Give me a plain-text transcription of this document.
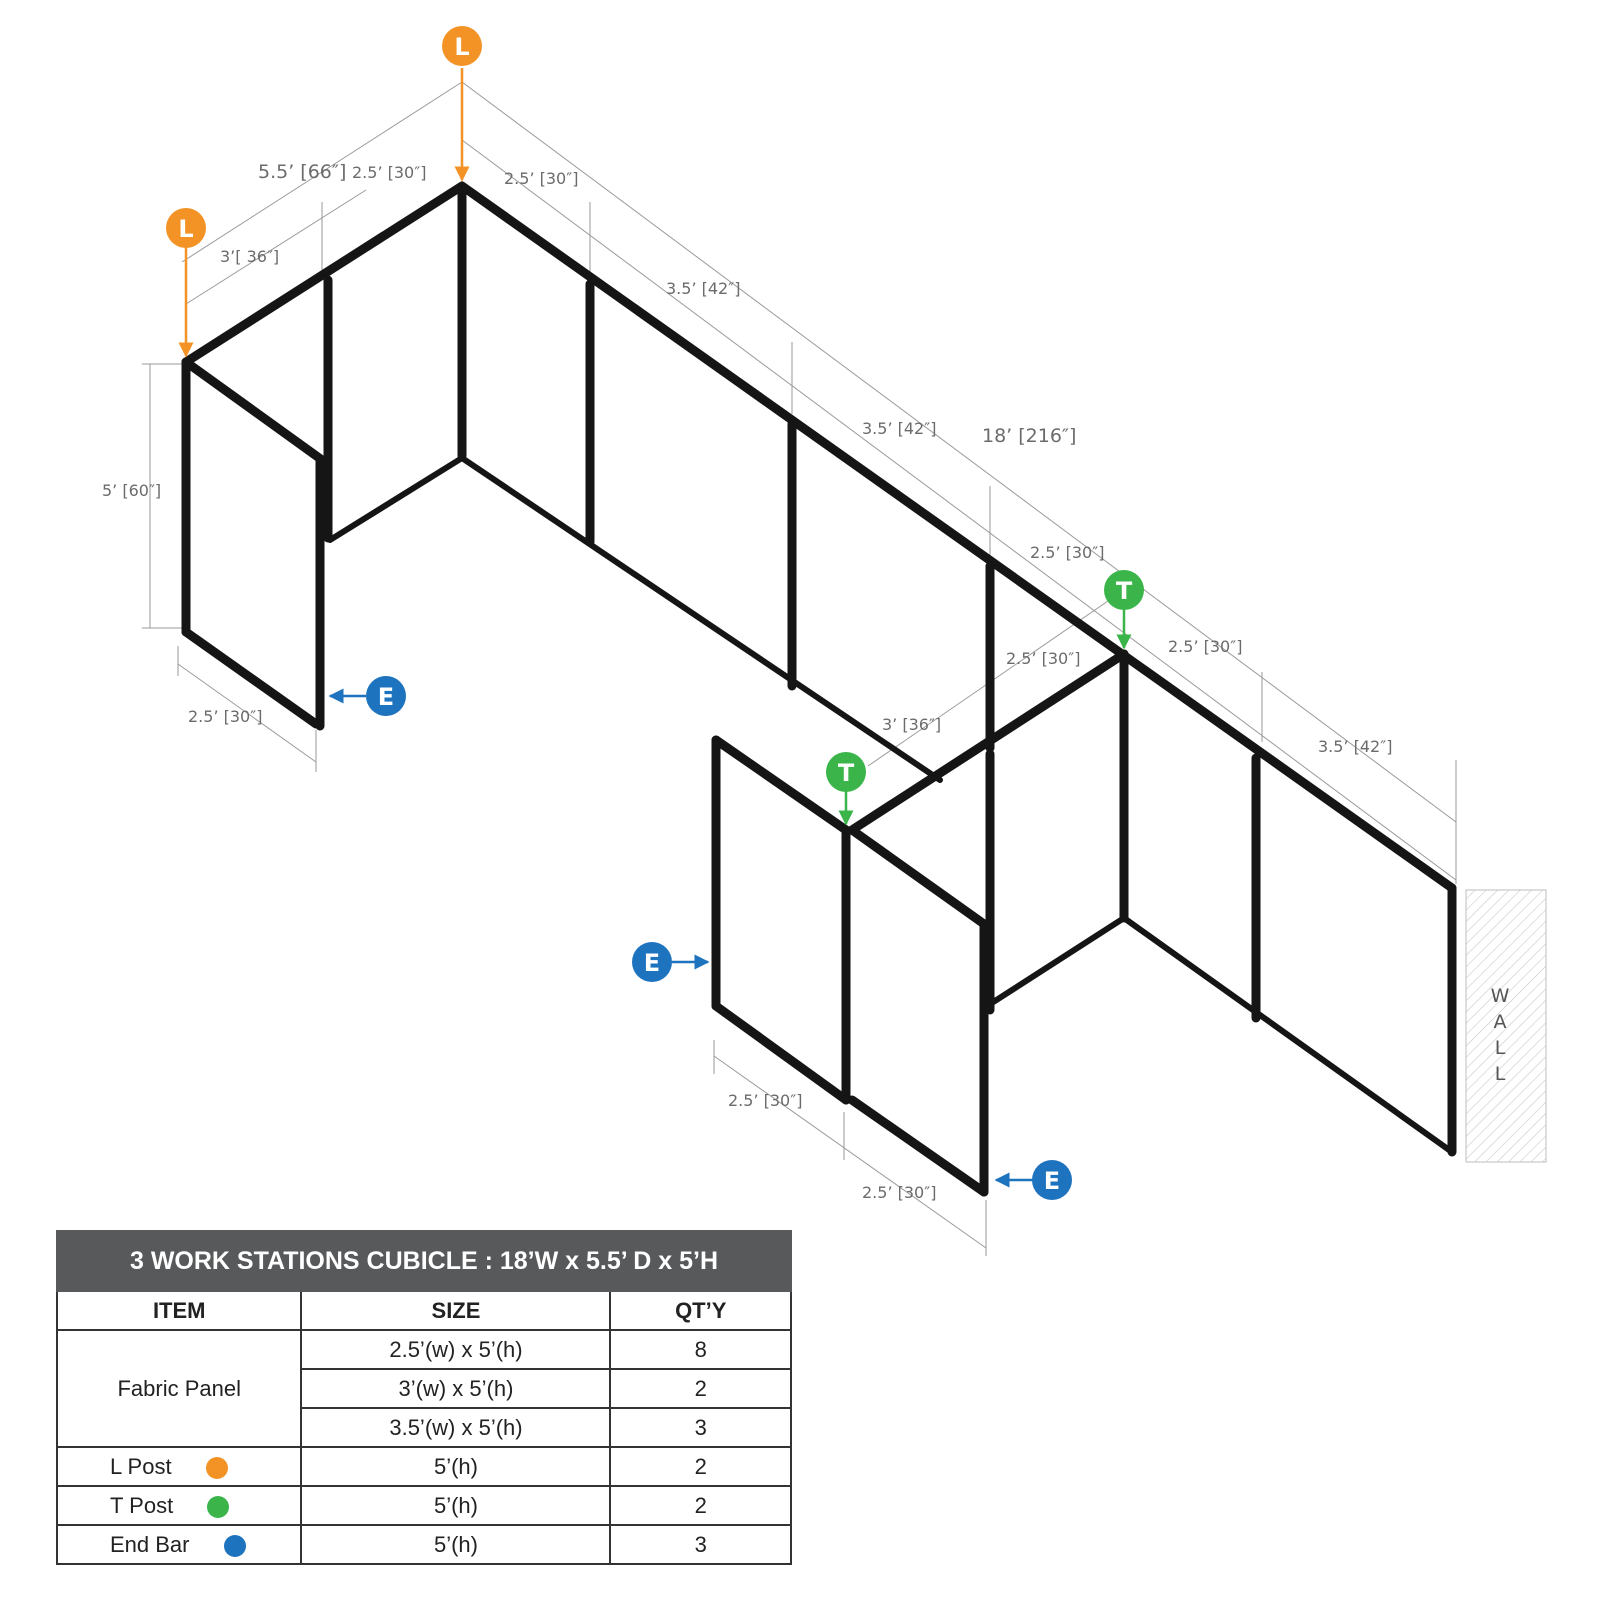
W
A
L
L
5.5’ [66″] 2.5’ [30″]	2.5’ [30″]
3’[ 36″]
3.5’ [42″]
3.5’ [42″] 18’ [216″]
2.5’ [30″]
2.5’ [30″]
2.5’ [30″]
3.5’ [42″]
3’ [36″]
5’ [60″]
2.5’ [30″]
2.5’ [30″]
2.5’ [30″]
L
L
T
T
E
E
E
3 WORK STATIONS CUBICLE : 18’W x 5.5’ D x 5’H		
ITEM	SIZE	QT’Y
Fabric Panel	2.5’(w) x 5’(h)	8
	3’(w) x 5’(h)	2
	3.5’(w) x 5’(h)	3
L Post	5’(h)	2
T Post	5’(h)	2
End Bar	5’(h)	3
